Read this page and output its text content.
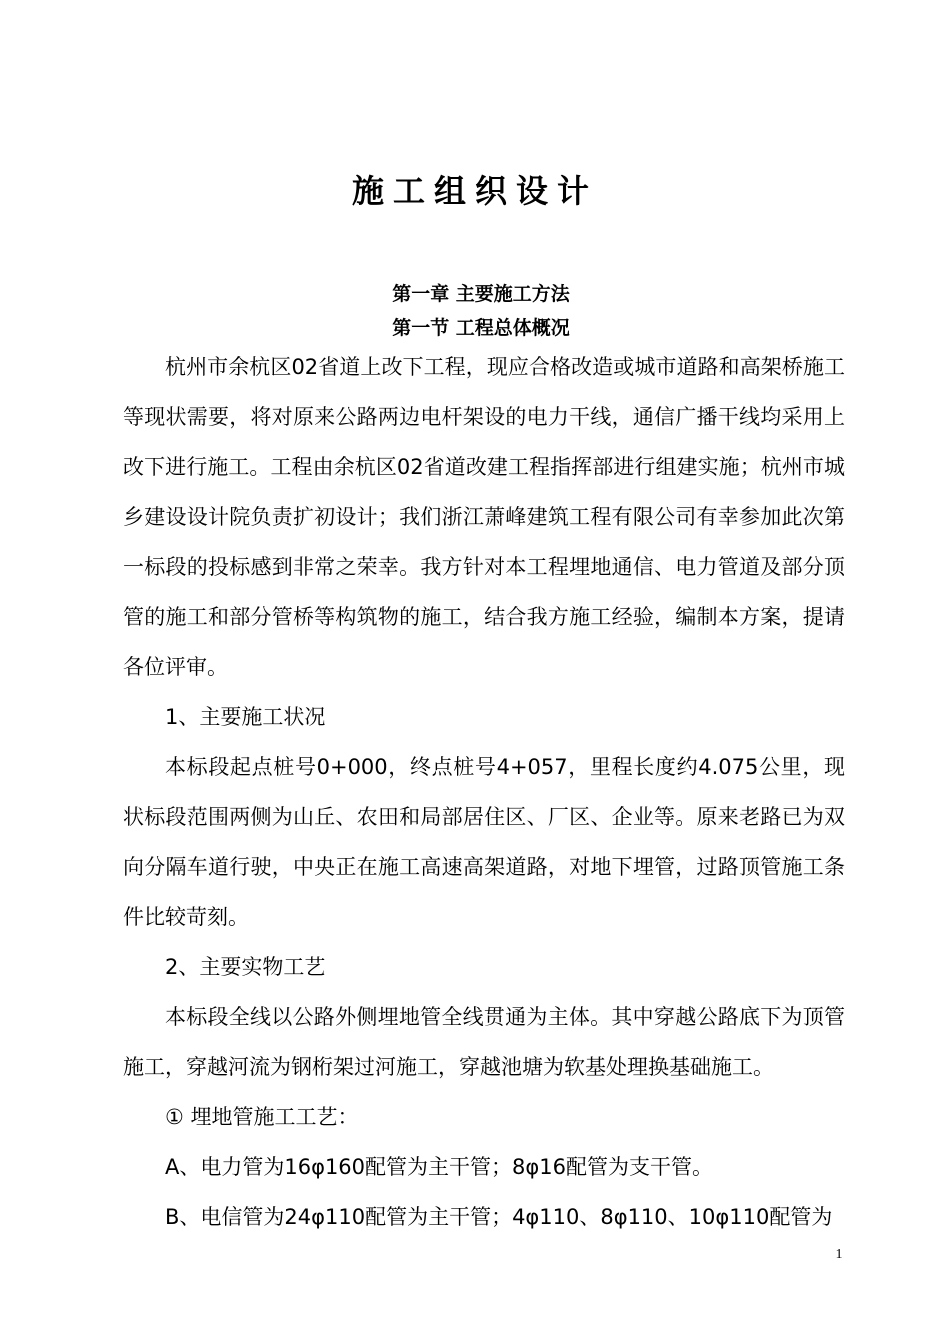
施工组织设计
第一章 主要施工方法
第一节 工程总体概况

杭州市余杭区02省道上改下工程，现应合格改造或城市道路和高架桥施工等现状需要，将对原来公路两边电杆架设的电力干线，通信广播干线均采用上改下进行施工。工程由余杭区02省道改建工程指挥部进行组建实施；杭州市城乡建设设计院负责扩初设计；我们浙江萧峰建筑工程有限公司有幸参加此次第一标段的投标感到非常之荣幸。我方针对本工程埋地通信、电力管道及部分顶管的施工和部分管桥等构筑物的施工，结合我方施工经验，编制本方案，提请各位评审。

1、主要施工状况

本标段起点桩号0+000，终点桩号4+057，里程长度约4.075公里，现状标段范围两侧为山丘、农田和局部居住区、厂区、企业等。原来老路已为双向分隔车道行驶，中央正在施工高速高架道路，对地下埋管，过路顶管施工条件比较苛刻。

2、主要实物工艺

本标段全线以公路外侧埋地管全线贯通为主体。其中穿越公路底下为顶管施工，穿越河流为钢桁架过河施工，穿越池塘为软基处理换基础施工。

① 埋地管施工工艺：

A、电力管为16φ160配管为主干管；8φ16配管为支干管。

B、电信管为24φ110配管为主干管；4φ110、8φ110、10φ110配管为

1
